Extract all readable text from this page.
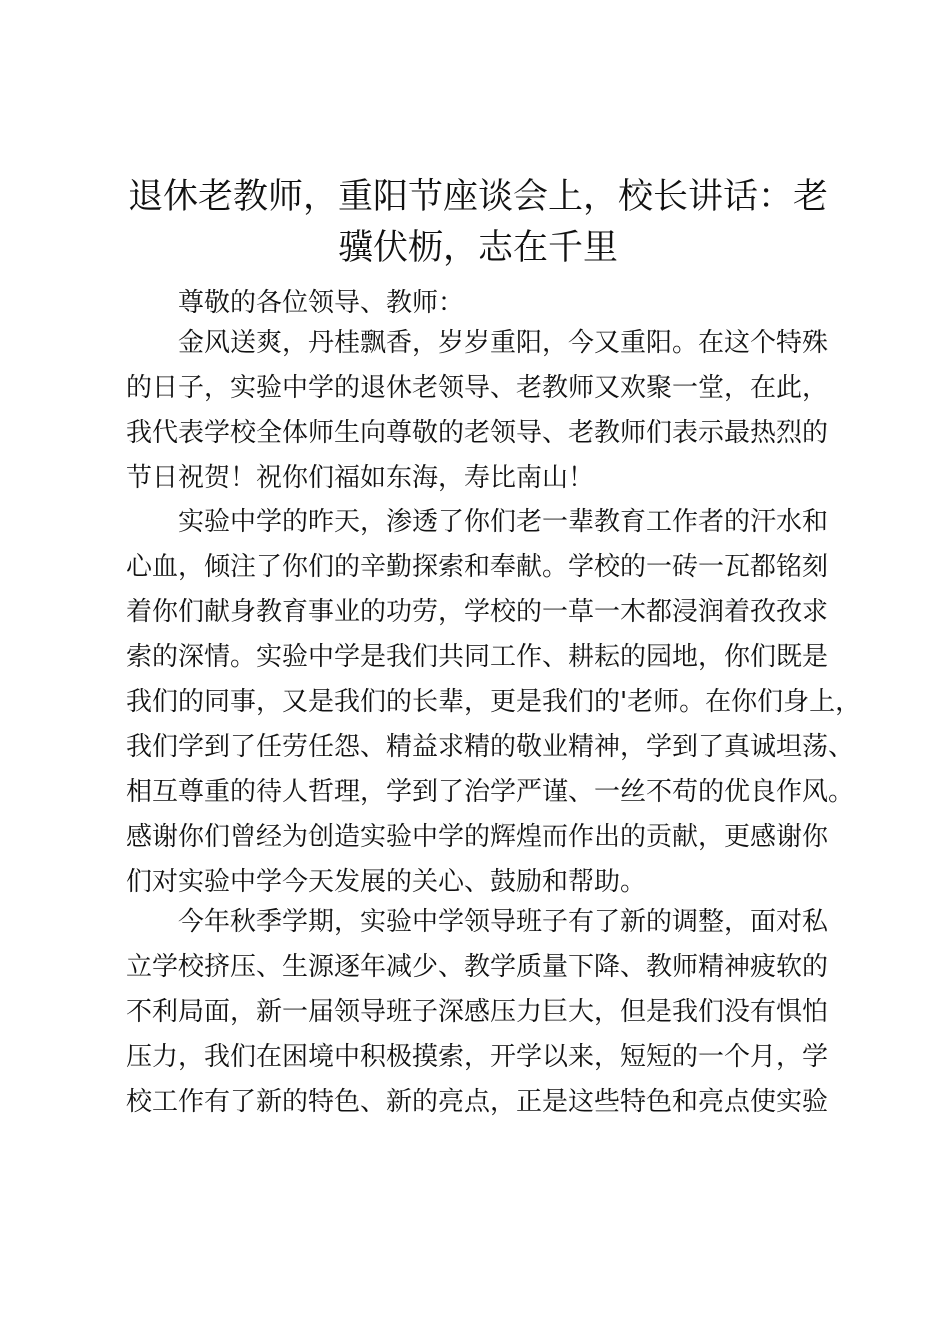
退休老教师，重阳节座谈会上，校长讲话：老
骥伏枥，志在千里

尊敬的各位领导、教师：

金风送爽，丹桂飘香，岁岁重阳，今又重阳。在这个特殊
的日子，实验中学的退休老领导、老教师又欢聚一堂，在此，
我代表学校全体师生向尊敬的老领导、老教师们表示最热烈的
节日祝贺！祝你们福如东海，寿比南山！

实验中学的昨天，渗透了你们老一辈教育工作者的汗水和
心血，倾注了你们的辛勤探索和奉献。学校的一砖一瓦都铭刻
着你们献身教育事业的功劳，学校的一草一木都浸润着孜孜求
索的深情。实验中学是我们共同工作、耕耘的园地，你们既是
我们的同事，又是我们的长辈，更是我们的'老师。在你们身上，
我们学到了任劳任怨、精益求精的敬业精神，学到了真诚坦荡、
相互尊重的待人哲理，学到了治学严谨、一丝不苟的优良作风。
感谢你们曾经为创造实验中学的辉煌而作出的贡献，更感谢你
们对实验中学今天发展的关心、鼓励和帮助。

今年秋季学期，实验中学领导班子有了新的调整，面对私
立学校挤压、生源逐年减少、教学质量下降、教师精神疲软的
不利局面，新一届领导班子深感压力巨大，但是我们没有惧怕
压力，我们在困境中积极摸索，开学以来，短短的一个月，学
校工作有了新的特色、新的亮点，正是这些特色和亮点使实验
